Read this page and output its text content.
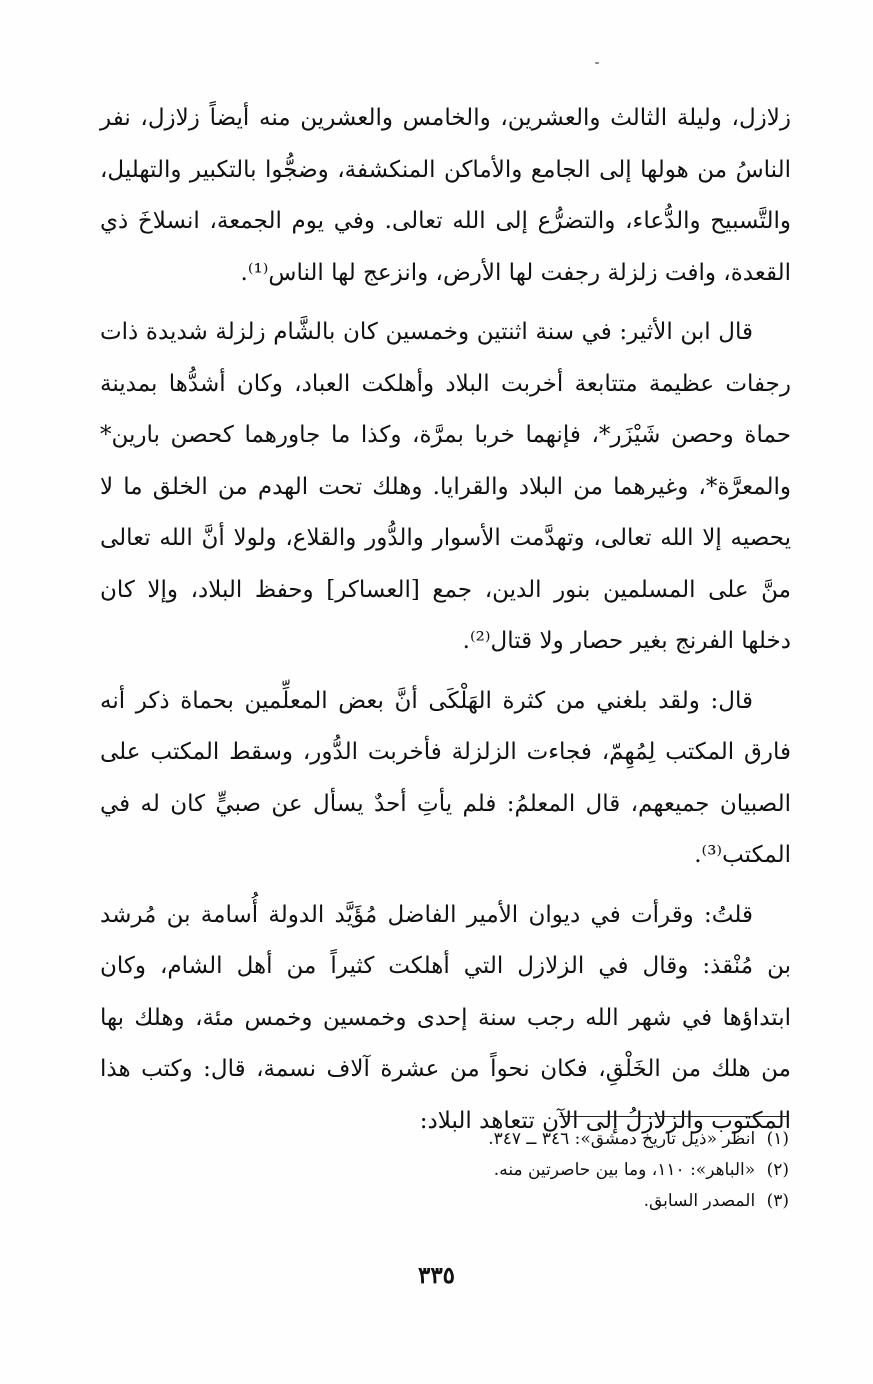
زلازل، وليلة الثالث والعشرين، والخامس والعشرين منه أيضاً زلازل، نفر الناسُ من هولها إلى الجامع والأماكن المنكشفة، وضجُّوا بالتكبير والتهليل، والتَّسبيح والدُّعاء، والتضرُّع إلى الله تعالى. وفي يوم الجمعة، انسلاخَ ذي القعدة، وافت زلزلة رجفت لها الأرض، وانزعج لها الناس⁽¹⁾.

قال ابن الأثير: في سنة اثنتين وخمسين كان بالشَّام زلزلة شديدة ذات رجفات عظيمة متتابعة أخربت البلاد وأهلكت العباد، وكان أشدُّها بمدينة حماة وحصن شَيْزَر*، فإنهما خربا بمرَّة، وكذا ما جاورهما كحصن بارين* والمعرَّة*، وغيرهما من البلاد والقرايا. وهلك تحت الهدم من الخلق ما لا يحصيه إلا الله تعالى، وتهدَّمت الأسوار والدُّور والقلاع، ولولا أنَّ الله تعالى منَّ على المسلمين بنور الدين، جمع [العساكر] وحفظ البلاد، وإلا كان دخلها الفرنج بغير حصار ولا قتال⁽²⁾.

قال: ولقد بلغني من كثرة الهَلْكَى أنَّ بعض المعلِّمين بحماة ذكر أنه فارق المكتب لِمُهِمّ، فجاءت الزلزلة فأخربت الدُّور، وسقط المكتب على الصبيان جميعهم، قال المعلمُ: فلم يأتِ أحدٌ يسأل عن صبيٍّ كان له في المكتب⁽³⁾.

قلتُ: وقرأت في ديوان الأمير الفاضل مُؤَيَّد الدولة أُسامة بن مُرشد بن مُنْقذ: وقال في الزلازل التي أهلكت كثيراً من أهل الشام، وكان ابتداؤها في شهر الله رجب سنة إحدى وخمسين وخمس مئة، وهلك بها من هلك من الخَلْقِ، فكان نحواً من عشرة آلاف نسمة، قال: وكتب هذا المكتوب والزلازلُ إلى الآن تتعاهد البلاد:

(١) انظر «ذيل تاريخ دمشق»: ٣٤٦ ــ ٣٤٧.
(٢) «الباهر»: ١١٠، وما بين حاصرتين منه.
(٣) المصدر السابق.
٣٣٥
